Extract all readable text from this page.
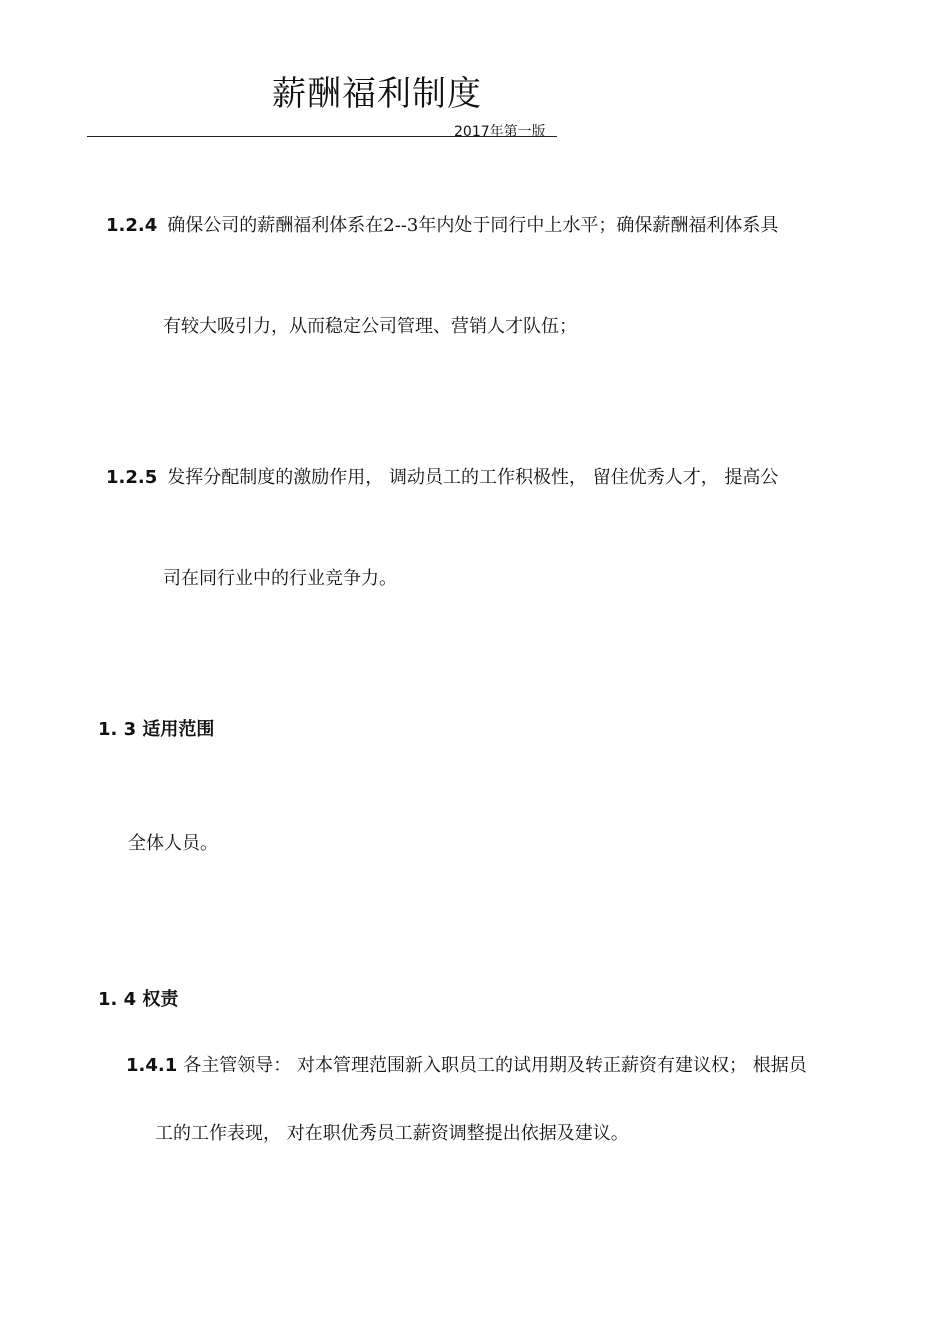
薪酬福利制度
2017年第一版
1.2.4 确保公司的薪酬福利体系在2--3年内处于同行中上水平；确保薪酬福利体系具
有较大吸引力，从而稳定公司管理、营销人才队伍；
1.2.5 发挥分配制度的激励作用， 调动员工的工作积极性， 留住优秀人才， 提高公
司在同行业中的行业竞争力。
1. 3 适用范围
全体人员。
1. 4 权责
1.4.1 各主管领导： 对本管理范围新入职员工的试用期及转正薪资有建议权； 根据员
工的工作表现， 对在职优秀员工薪资调整提出依据及建议。
